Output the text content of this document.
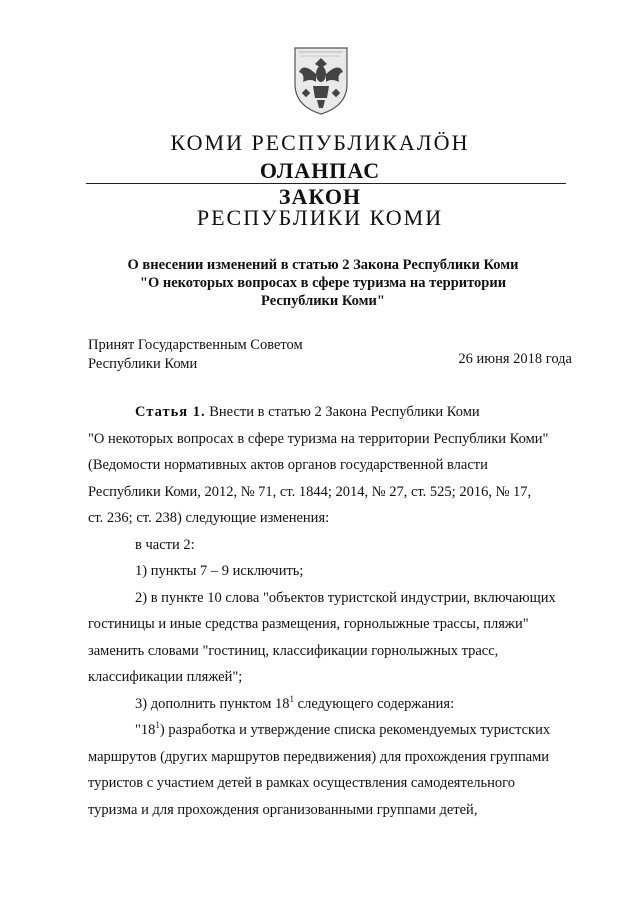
КОМИ РЕСПУБЛИКАЛÖН
ОЛАНПАС
ЗАКОН
РЕСПУБЛИКИ КОМИ
О внесении изменений в статью 2 Закона Республики Коми
"О некоторых вопросах в сфере туризма на территории
Республики Коми"
Принят Государственным Советом
Республики Коми	26 июня 2018 года

Статья 1. Внести в статью 2 Закона Республики Коми

"О некоторых вопросах в сфере туризма на территории Республики Коми"

(Ведомости нормативных актов органов государственной власти

Республики Коми, 2012, № 71, ст. 1844; 2014, № 27, ст. 525; 2016, № 17,

ст. 236; ст. 238) следующие изменения:

в части 2:

1) пункты 7 – 9 исключить;

2) в пункте 10 слова "объектов туристской индустрии, включающих

гостиницы и иные средства размещения, горнолыжные трассы, пляжи"

заменить словами "гостиниц, классификации горнолыжных трасс,

классификации пляжей";

3) дополнить пунктом $18^1$ следующего содержания:

"$18^1$) разработка и утверждение списка рекомендуемых туристских

маршрутов (других маршрутов передвижения) для прохождения группами

туристов с участием детей в рамках осуществления самодеятельного

туризма и для прохождения организованными группами детей,
